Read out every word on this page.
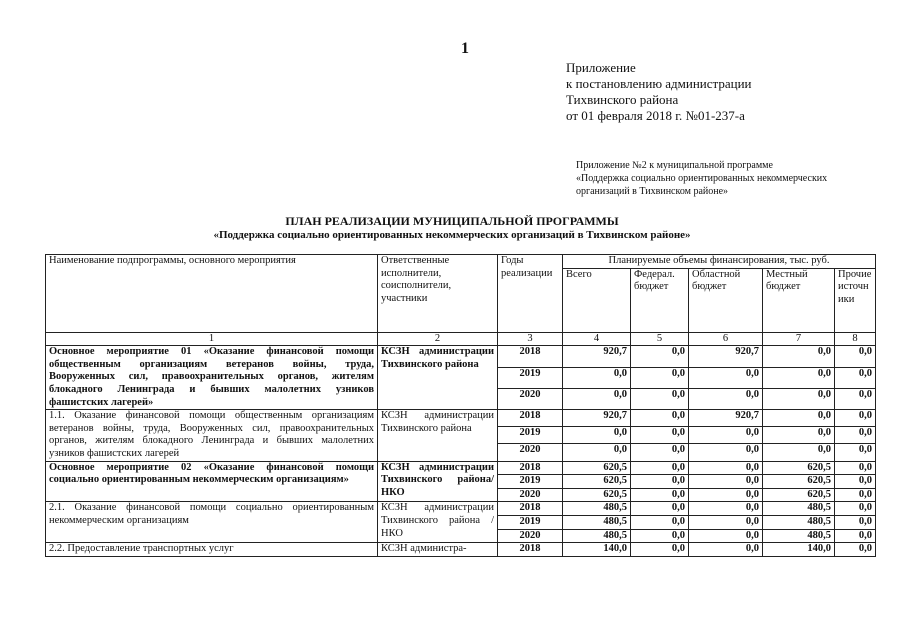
1
Приложение
к постановлению администрации
Тихвинского района
от 01 февраля 2018 г. №01-237-а
Приложение №2 к муниципальной программе
«Поддержка социально ориентированных некоммерческих
организаций в Тихвинском районе»
ПЛАН РЕАЛИЗАЦИИ МУНИЦИПАЛЬНОЙ ПРОГРАММЫ
«Поддержка социально ориентированных некоммерческих организаций в Тихвинском районе»
Наименование подпрограммы, основного мероприятия	Ответственные исполнители, соисполнители, участники	Годы реализации	Планируемые объемы финансирования, тыс. руб.				
			Всего	Федерал. бюджет	Областной бюджет	Местный бюджет	Прочие источники
1	2	3	4	5	6	7	8
Основное мероприятие 01 «Оказание финансовой помощи общественным организациям ветеранов войны, труда, Вооруженных сил, правоохранительных органов, жителям блокадного Ленинграда и бывших малолетних узников фашистских лагерей»	КСЗН администрации Тихвинского района	2018	920,7	0,0	920,7	0,0	0,0
		2019	0,0	0,0	0,0	0,0	0,0
		2020	0,0	0,0	0,0	0,0	0,0
1.1. Оказание финансовой помощи общественным организациям ветеранов войны, труда, Вооруженных сил, правоохранительных органов, жителям блокадного Ленинграда и бывших малолетних узников фашистских лагерей	КСЗН администрации Тихвинского района	2018	920,7	0,0	920,7	0,0	0,0
		2019	0,0	0,0	0,0	0,0	0,0
		2020	0,0	0,0	0,0	0,0	0,0
Основное мероприятие 02 «Оказание финансовой помощи социально ориентированным некоммерческим организациям»	КСЗН администрации Тихвинского района/НКО	2018	620,5	0,0	0,0	620,5	0,0
		2019	620,5	0,0	0,0	620,5	0,0
		2020	620,5	0,0	0,0	620,5	0,0
2.1. Оказание финансовой помощи социально ориентированным некоммерческим организациям	КСЗН администрации Тихвинского района / НКО	2018	480,5	0,0	0,0	480,5	0,0
		2019	480,5	0,0	0,0	480,5	0,0
		2020	480,5	0,0	0,0	480,5	0,0
2.2. Предоставление транспортных услуг	КСЗН администра-	2018	140,0	0,0	0,0	140,0	0,0
